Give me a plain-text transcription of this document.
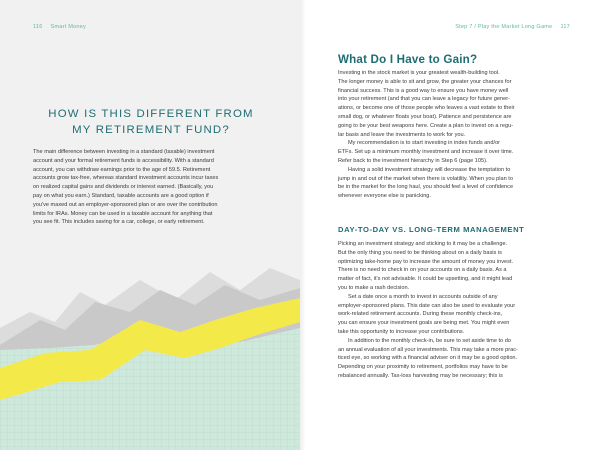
116 Smart Money
HOW IS THIS DIFFERENT FROM
MY RETIREMENT FUND?
The main difference between investing in a standard (taxable) investment
account and your formal retirement funds is accessibility. With a standard
account, you can withdraw earnings prior to the age of 59.5. Retirement
accounts grow tax-free, whereas standard investment accounts incur taxes
on realized capital gains and dividends or interest earned. (Basically, you
pay on what you earn.) Standard, taxable accounts are a good option if
you've maxed out an employer-sponsored plan or are over the contribution
limits for IRAs. Money can be used in a taxable account for anything that
you see fit. This includes saving for a car, college, or early retirement.
Step 7 / Play the Market Long Game 117
What Do I Have to Gain?
Investing in the stock market is your greatest wealth-building tool.
The longer money is able to sit and grow, the greater your chances for
financial success. This is a good way to ensure you have money well
into your retirement (and that you can leave a legacy for future gener-
ations, or become one of those people who leaves a vast estate to their
small dog, or whatever floats your boat). Patience and persistence are
going to be your best weapons here. Create a plan to invest on a regu-
lar basis and leave the investments to work for you.
My recommendation is to start investing in index funds and/or
ETFs. Set up a minimum monthly investment and increase it over time.
Refer back to the investment hierarchy in Step 6 (page 105).
Having a solid investment strategy will decrease the temptation to
jump in and out of the market when there is volatility. When you plan to
be in the market for the long haul, you should feel a level of confidence
whenever everyone else is panicking.
DAY-TO-DAY VS. LONG-TERM MANAGEMENT
Picking an investment strategy and sticking to it may be a challenge.
But the only thing you need to be thinking about on a daily basis is
optimizing take-home pay to increase the amount of money you invest.
There is no need to check in on your accounts on a daily basis. As a
matter of fact, it's not advisable. It could be upsetting, and it might lead
you to make a rash decision.
Set a date once a month to invest in accounts outside of any
employer-sponsored plans. This date can also be used to evaluate your
work-related retirement accounts. During these monthly check-ins,
you can ensure your investment goals are being met. You might even
take this opportunity to increase your contributions.
In addition to the monthly check-in, be sure to set aside time to do
an annual evaluation of all your investments. This may take a more prac-
ticed eye, so working with a financial adviser on it may be a good option.
Depending on your proximity to retirement, portfolios may have to be
rebalanced annually. Tax-loss harvesting may be necessary; this is
